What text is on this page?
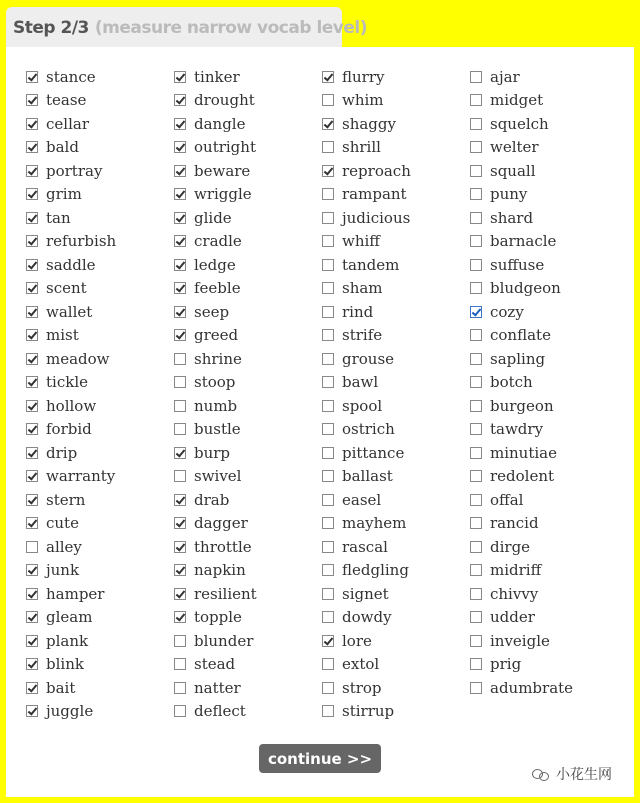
Step 2/3 (measure narrow vocab level)
stance
tease
cellar
bald
portray
grim
tan
refurbish
saddle
scent
wallet
mist
meadow
tickle
hollow
forbid
drip
warranty
stern
cute
alley
junk
hamper
gleam
plank
blink
bait
juggle
tinker
drought
dangle
outright
beware
wriggle
glide
cradle
ledge
feeble
seep
greed
shrine
stoop
numb
bustle
burp
swivel
drab
dagger
throttle
napkin
resilient
topple
blunder
stead
natter
deflect
flurry
whim
shaggy
shrill
reproach
rampant
judicious
whiff
tandem
sham
rind
strife
grouse
bawl
spool
ostrich
pittance
ballast
easel
mayhem
rascal
fledgling
signet
dowdy
lore
extol
strop
stirrup
ajar
midget
squelch
welter
squall
puny
shard
barnacle
suffuse
bludgeon
cozy
conflate
sapling
botch
burgeon
tawdry
minutiae
redolent
offal
rancid
dirge
midriff
chivvy
udder
inveigle
prig
adumbrate
continue >>
小花生网
